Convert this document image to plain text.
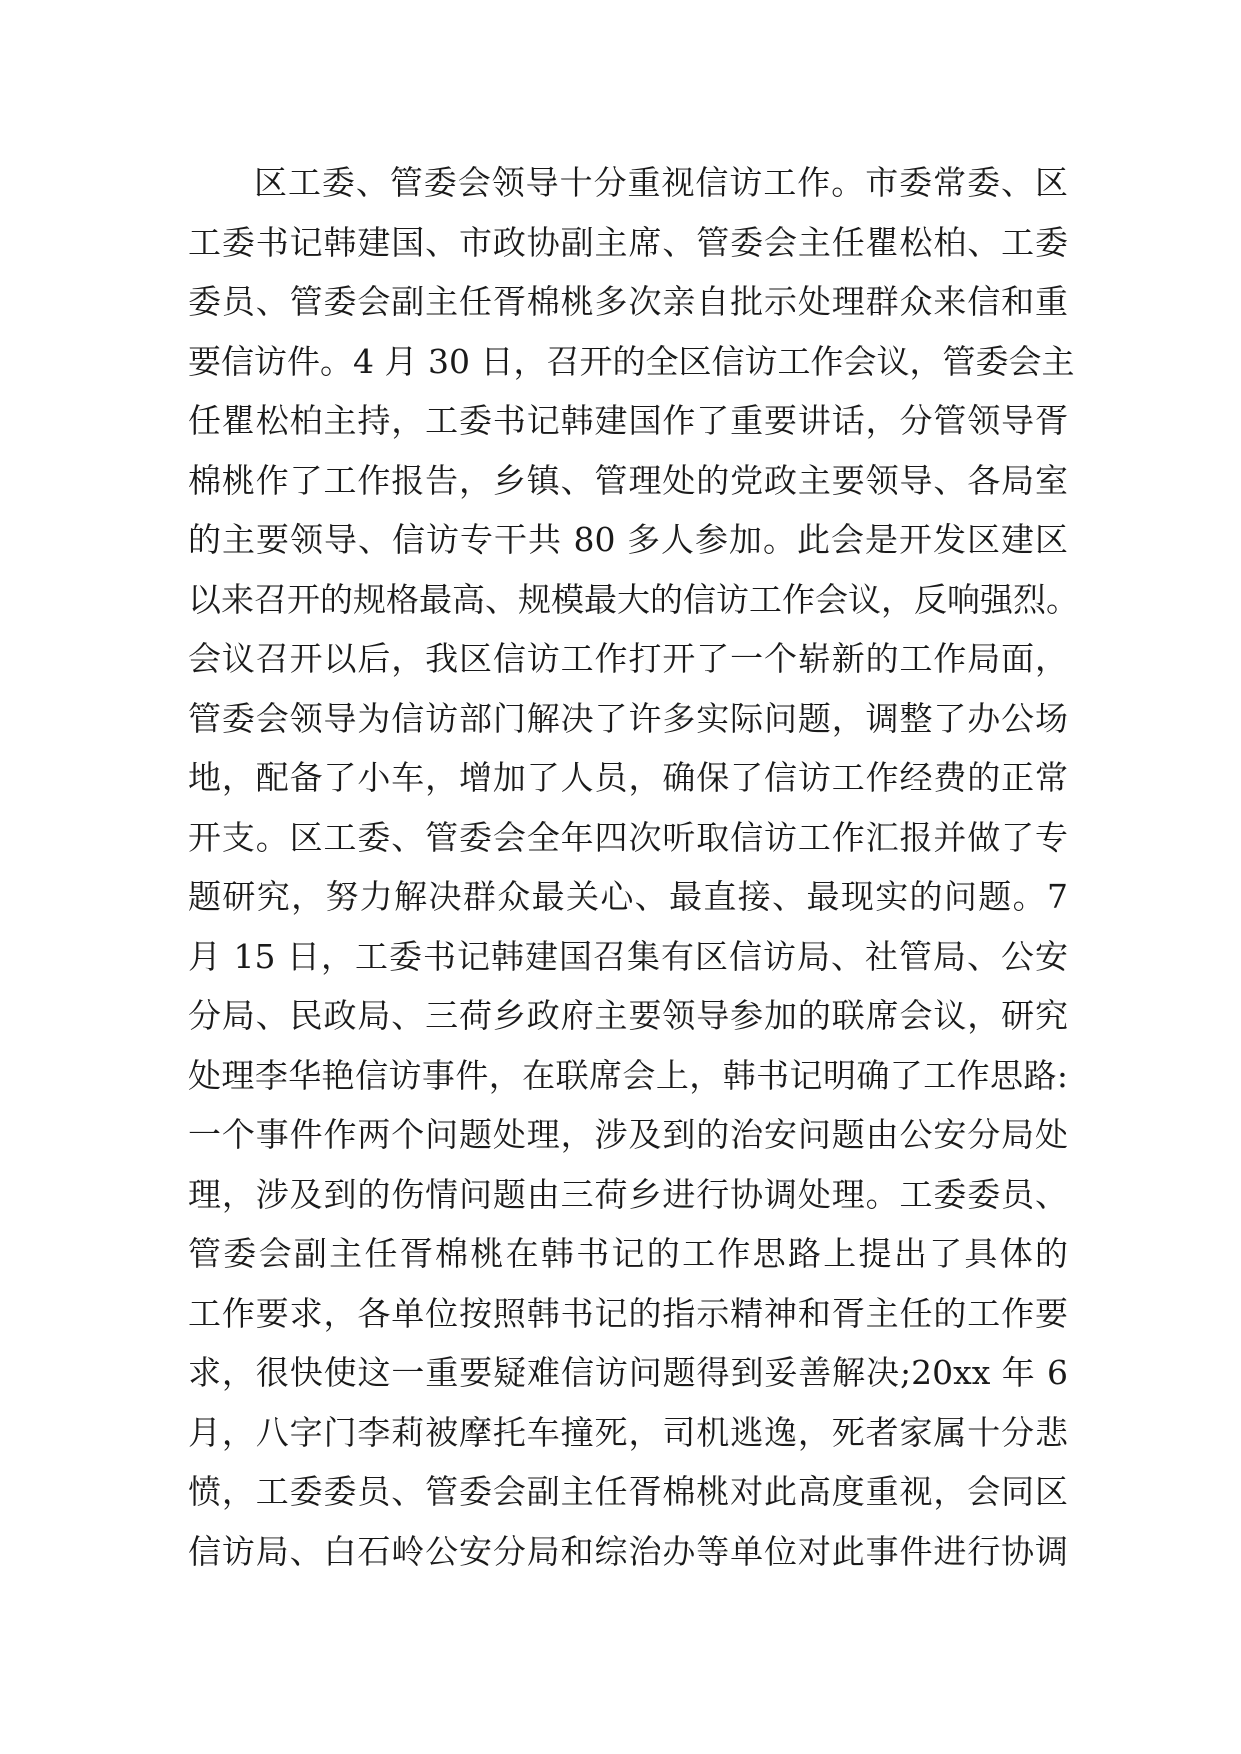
区工委、管委会领导十分重视信访工作。市委常委、区
工委书记韩建国、市政协副主席、管委会主任瞿松柏、工委
委员、管委会副主任胥棉桃多次亲自批示处理群众来信和重
要信访件。4 月 30 日，召开的全区信访工作会议，管委会主
任瞿松柏主持，工委书记韩建国作了重要讲话，分管领导胥
棉桃作了工作报告，乡镇、管理处的党政主要领导、各局室
的主要领导、信访专干共 80 多人参加。此会是开发区建区
以来召开的规格最高、规模最大的信访工作会议，反响强烈。
会议召开以后，我区信访工作打开了一个崭新的工作局面，
管委会领导为信访部门解决了许多实际问题，调整了办公场
地，配备了小车，增加了人员，确保了信访工作经费的正常
开支。区工委、管委会全年四次听取信访工作汇报并做了专
题研究，努力解决群众最关心、最直接、最现实的问题。7
月 15 日，工委书记韩建国召集有区信访局、社管局、公安
分局、民政局、三荷乡政府主要领导参加的联席会议，研究
处理李华艳信访事件，在联席会上，韩书记明确了工作思路:
一个事件作两个问题处理，涉及到的治安问题由公安分局处
理，涉及到的伤情问题由三荷乡进行协调处理。工委委员、
管委会副主任胥棉桃在韩书记的工作思路上提出了具体的
工作要求，各单位按照韩书记的指示精神和胥主任的工作要
求，很快使这一重要疑难信访问题得到妥善解决;20xx 年 6
月，八字门李莉被摩托车撞死，司机逃逸，死者家属十分悲
愤，工委委员、管委会副主任胥棉桃对此高度重视，会同区
信访局、白石岭公安分局和综治办等单位对此事件进行协调
